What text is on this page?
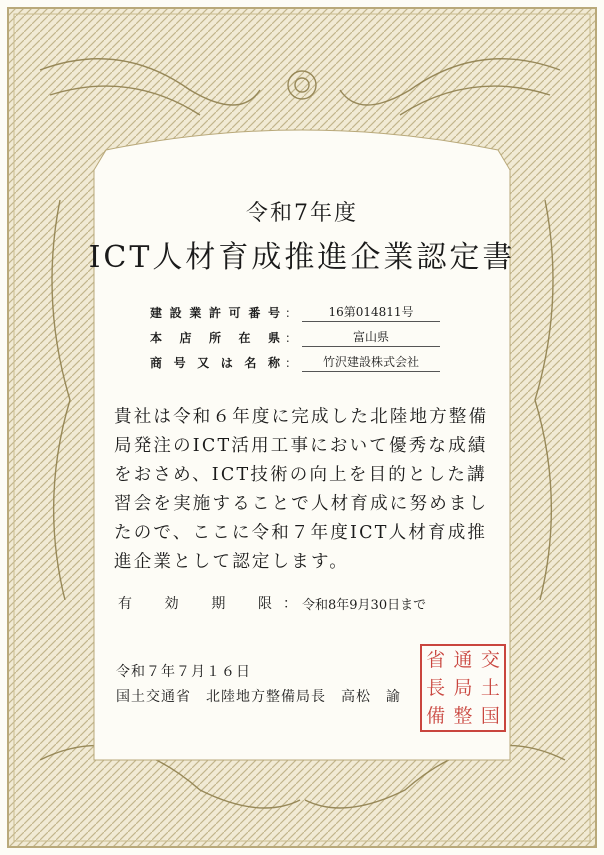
令和7年度
ICT人材育成推進企業認定書
建設業許可番号 ：	16第014811号
本店所在県 ：	富山県
商号又は名称 ：	竹沢建設株式会社
貴社は令和６年度に完成した北陸地方整備
局発注のICT活用工事において優秀な成績
をおさめ、ICT技術の向上を目的とした講
習会を実施することで人材育成に努めまし
たので、ここに令和７年度ICT人材育成推
進企業として認定します。
有効期限 ： 令和8年9月30日まで
令和７年７月１６日
国土交通省　北陸地方整備局長　高松　諭
省 通 交
長 局 土
備 整 国
